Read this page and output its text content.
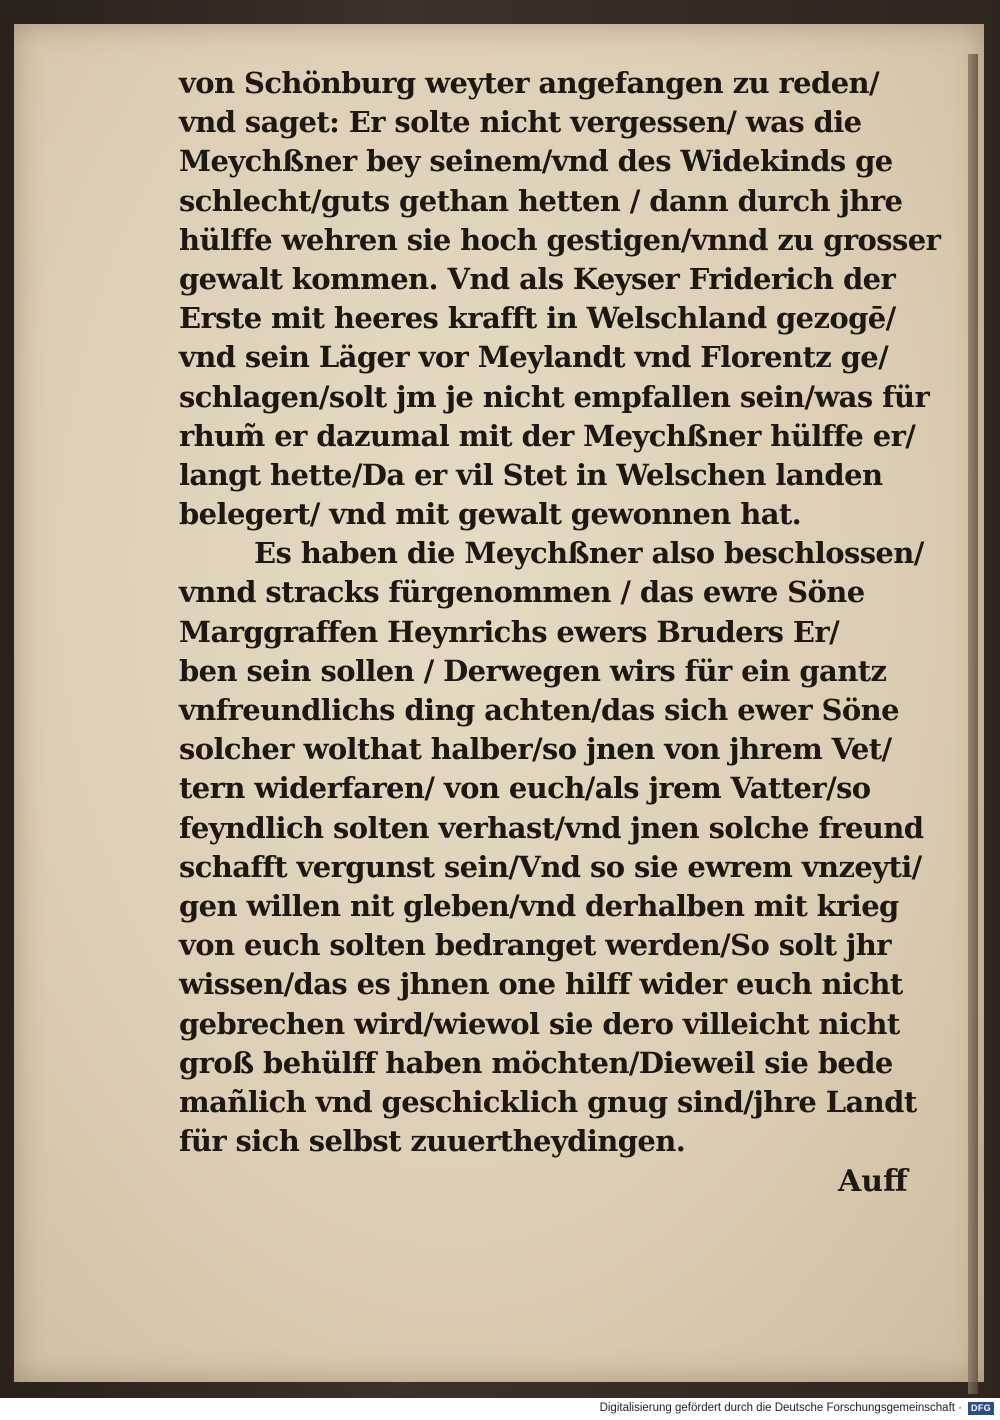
von Schönburg weyter angefangen zu reden/
vnd saget: Er solte nicht vergessen/ was die
Meychßner bey seinem/vnd des Widekinds ge
schlecht/guts gethan hetten / dann durch jhre
hülffe wehren sie hoch gestigen/vnnd zu grosser
gewalt kommen. Vnd als Keyser Friderich der
Erste mit heeres krafft in Welschland gezogē/
vnd sein Läger vor Meylandt vnd Florentz ge/
schlagen/solt jm je nicht empfallen sein/was für
rhum̃ er dazumal mit der Meychßner hülffe er/
langt hette/Da er vil Stet in Welschen landen
belegert/ vnd mit gewalt gewonnen hat.
Es haben die Meychßner also beschlossen/
vnnd stracks fürgenommen / das ewre Söne
Marggraffen Heynrichs ewers Bruders Er/
ben sein sollen / Derwegen wirs für ein gantz
vnfreundlichs ding achten/das sich ewer Söne
solcher wolthat halber/so jnen von jhrem Vet/
tern widerfaren/ von euch/als jrem Vatter/so
feyndlich solten verhast/vnd jnen solche freund
schafft vergunst sein/Vnd so sie ewrem vnzeyti/
gen willen nit gleben/vnd derhalben mit krieg
von euch solten bedranget werden/So solt jhr
wissen/das es jhnen one hilff wider euch nicht
gebrechen wird/wiewol sie dero villeicht nicht
groß behülff haben möchten/Dieweil sie bede
mañlich vnd geschicklich gnug sind/jhre Landt
für sich selbst zuuertheydingen.
Auff
Digitalisierung gefördert durch die Deutsche Forschungsgemeinschaft ·	DFG
